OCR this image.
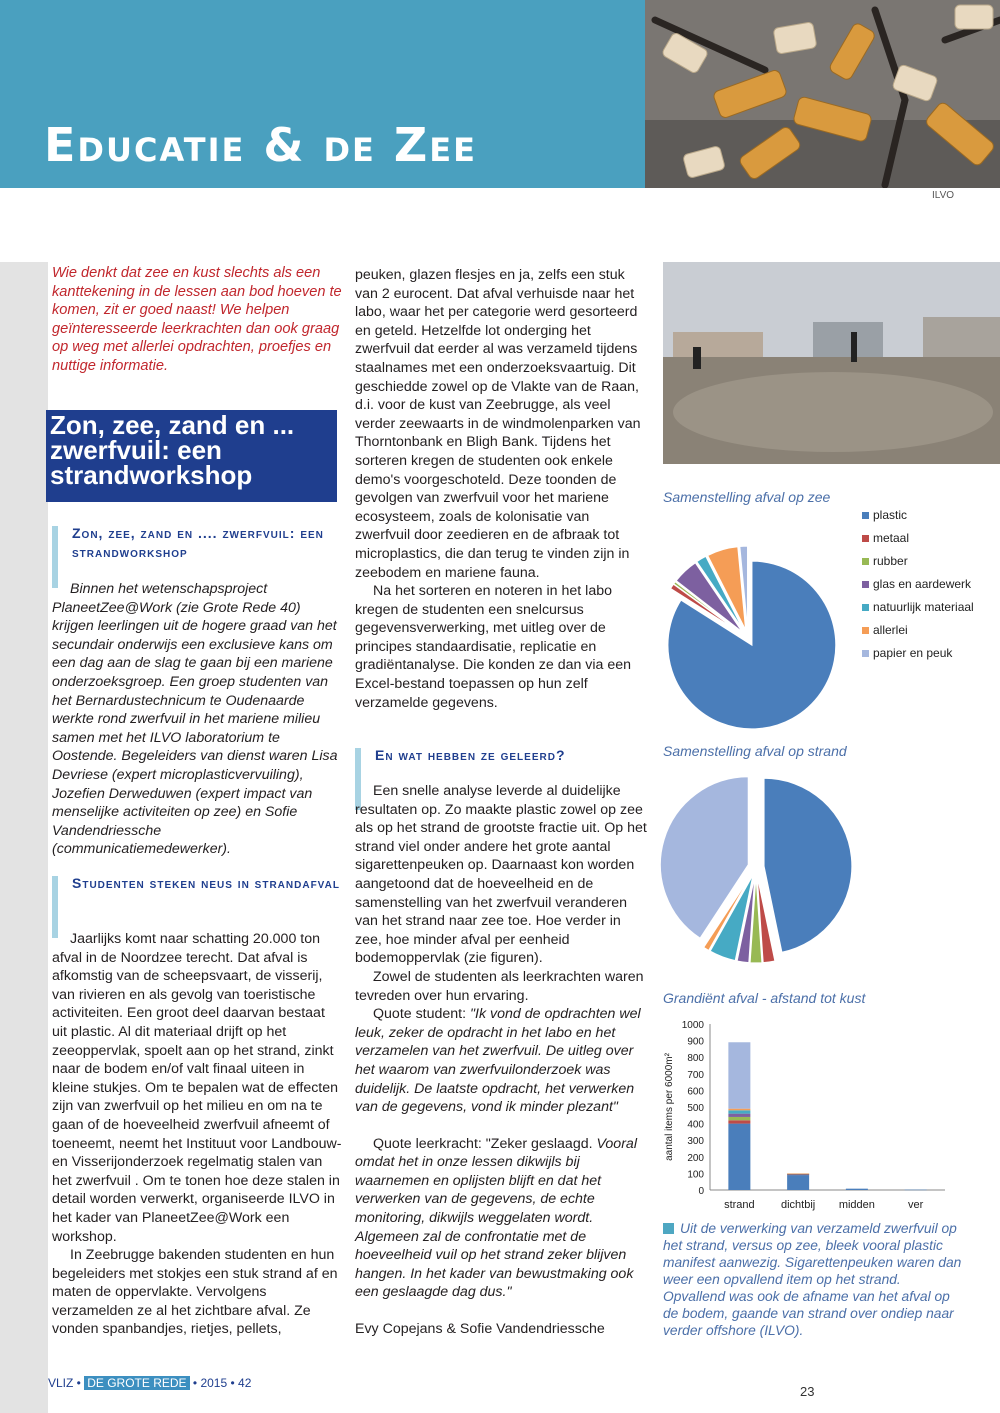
Educatie & de Zee
ILVO
Wie denkt dat zee en kust slechts als een kanttekening in de lessen aan bod hoeven te komen, zit er goed naast! We helpen geïnteresseerde leerkrachten dan ook graag op weg met allerlei opdrachten, proefjes en nuttige informatie.
Zon, zee, zand en ... zwerfvuil: een strandworkshop
Zon, zee, zand en .... zwerfvuil: een strandworkshop

Binnen het wetenschapsproject PlaneetZee@Work (zie Grote Rede 40) krijgen leerlingen uit de hogere graad van het secundair onderwijs een exclusieve kans om een dag aan de slag te gaan bij een mariene onderzoeksgroep. Een groep studenten van het Bernardustechnicum te Oudenaarde werkte rond zwerfvuil in het mariene milieu samen met het ILVO laboratorium te Oostende. Begeleiders van dienst waren Lisa Devriese (expert microplasticvervuiling), Jozefien Derweduwen (expert impact van menselijke activiteiten op zee) en Sofie Vandendriessche (communicatiemedewerker).

Studenten steken neus in strandafval

Jaarlijks komt naar schatting 20.000 ton afval in de Noordzee terecht. Dat afval is afkomstig van de scheepsvaart, de visserij, van rivieren en als gevolg van toeristische activiteiten. Een groot deel daarvan bestaat uit plastic. Al dit materiaal drijft op het zeeoppervlak, spoelt aan op het strand, zinkt naar de bodem en/of valt finaal uiteen in kleine stukjes. Om te bepalen wat de effecten zijn van zwerfvuil op het milieu en om na te gaan of de hoeveelheid zwerfvuil afneemt of toeneemt, neemt het Instituut voor Landbouw- en Visserijonderzoek regelmatig stalen van het zwerfvuil . Om te tonen hoe deze stalen in detail worden verwerkt, organiseerde ILVO in het kader van PlaneetZee@Work een workshop.

In Zeebrugge bakenden studenten en hun begeleiders met stokjes een stuk strand af en maten de oppervlakte. Vervolgens verzamelden ze al het zichtbare afval. Ze vonden spanbandjes, rietjes, pellets,

peuken, glazen flesjes en ja, zelfs een stuk van 2 eurocent. Dat afval verhuisde naar het labo, waar het per categorie werd gesorteerd en geteld. Hetzelfde lot onderging het zwerfvuil dat eerder al was verzameld tijdens staalnames met een onderzoeksvaartuig. Dit geschiedde zowel op de Vlakte van de Raan, d.i. voor de kust van Zeebrugge, als veel verder zeewaarts in de windmolenparken van Thorntonbank en Bligh Bank. Tijdens het sorteren kregen de studenten ook enkele demo's voorgeschoteld. Deze toonden de gevolgen van zwerfvuil voor het mariene ecosysteem, zoals de kolonisatie van zwerfvuil door zeedieren en de afbraak tot microplastics, die dan terug te vinden zijn in zeebodem en mariene fauna.

Na het sorteren en noteren in het labo kregen de studenten een snelcursus gegevensverwerking, met uitleg over de principes standaardisatie, replicatie en gradiëntanalyse. Die konden ze dan via een Excel-bestand toepassen op hun zelf verzamelde gegevens.

En wat hebben ze geleerd?

Een snelle analyse leverde al duidelijke resultaten op. Zo maakte plastic zowel op zee als op het strand de grootste fractie uit. Op het strand viel onder andere het grote aantal sigarettenpeuken op. Daarnaast kon worden aangetoond dat de hoeveelheid en de samenstelling van het zwerfvuil veranderen van het strand naar zee toe. Hoe verder in zee, hoe minder afval per eenheid bodemoppervlak (zie figuren).

Zowel de studenten als leerkrachten waren tevreden over hun ervaring.

Quote student: "Ik vond de opdrachten wel leuk, zeker de opdracht in het labo en het verzamelen van het zwerfvuil. De uitleg over het waarom van zwerfvuilonderzoek was duidelijk. De laatste opdracht, het verwerken van de gegevens, vond ik minder plezant"

Quote leerkracht: "Zeker geslaagd. Vooral omdat het in onze lessen dikwijls bij waarnemen en oplijsten blijft en dat het verwerken van de gegevens, de echte monitoring, dikwijls weggelaten wordt. Algemeen zal de confrontatie met de hoeveelheid vuil op het strand zeker blijven hangen. In het kader van bewustmaking ook een geslaagde dag dus."

Evy Copejans & Sofie Vandendriessche

Samenstelling afval op zee
plastic
metaal
rubber
glas en aardewerk
natuurlijk materiaal
allerlei
papier en peuk
Samenstelling afval op strand
Grandiënt afval - afstand tot kust
0
100
200
300
400
500
600
700
800
900
1000
aantal items per 6000m²
strand dichtbij midden	ver
Uit de verwerking van verzameld zwerfvuil op het strand, versus op zee, bleek vooral plastic manifest aanwezig. Sigarettenpeuken waren dan weer een opvallend item op het strand. Opvallend was ook de afname van het afval op de bodem, gaande van strand over ondiep naar verder offshore (ILVO).
VLIZ • DE GROTE REDE • 2015 • 42
23
